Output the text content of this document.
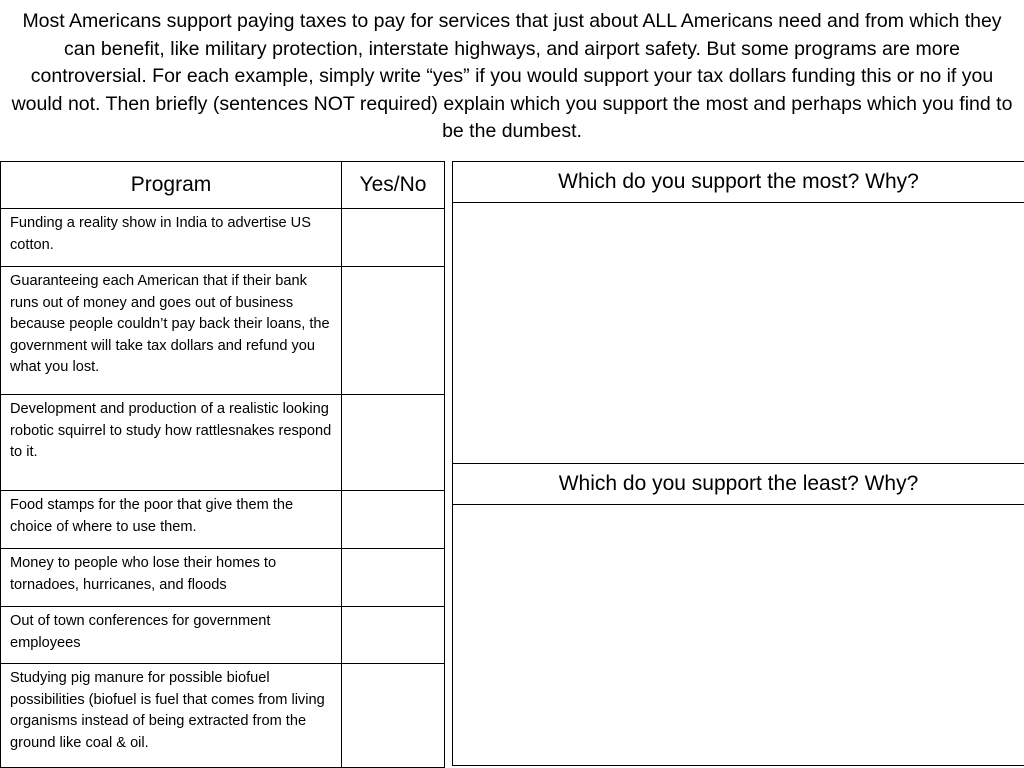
Most Americans support paying taxes to pay for services that just about ALL Americans need and from which they can benefit, like military protection, interstate highways, and airport safety. But some programs are more controversial. For each example, simply write “yes” if you would support your tax dollars funding this or no if you would not. Then briefly (sentences NOT required) explain which you support the most and perhaps which you find to be the dumbest.
Program	Yes/No
Funding a reality show in India to advertise US cotton.	
Guaranteeing each American that if their bank runs out of money and goes out of business because people couldn’t pay back their loans, the government will take tax dollars and refund you what you lost.	
Development and production of a realistic looking robotic squirrel to study how rattlesnakes respond to it.	
Food stamps for the poor that give them the choice of where to use them.	
Money to people who lose their homes to tornadoes, hurricanes, and floods	
Out of town conferences for government employees	
Studying pig manure for possible biofuel possibilities (biofuel is fuel that comes from living organisms instead of being extracted from the ground like coal & oil.	
Which do you support the most? Why?

Which do you support the least? Why?
